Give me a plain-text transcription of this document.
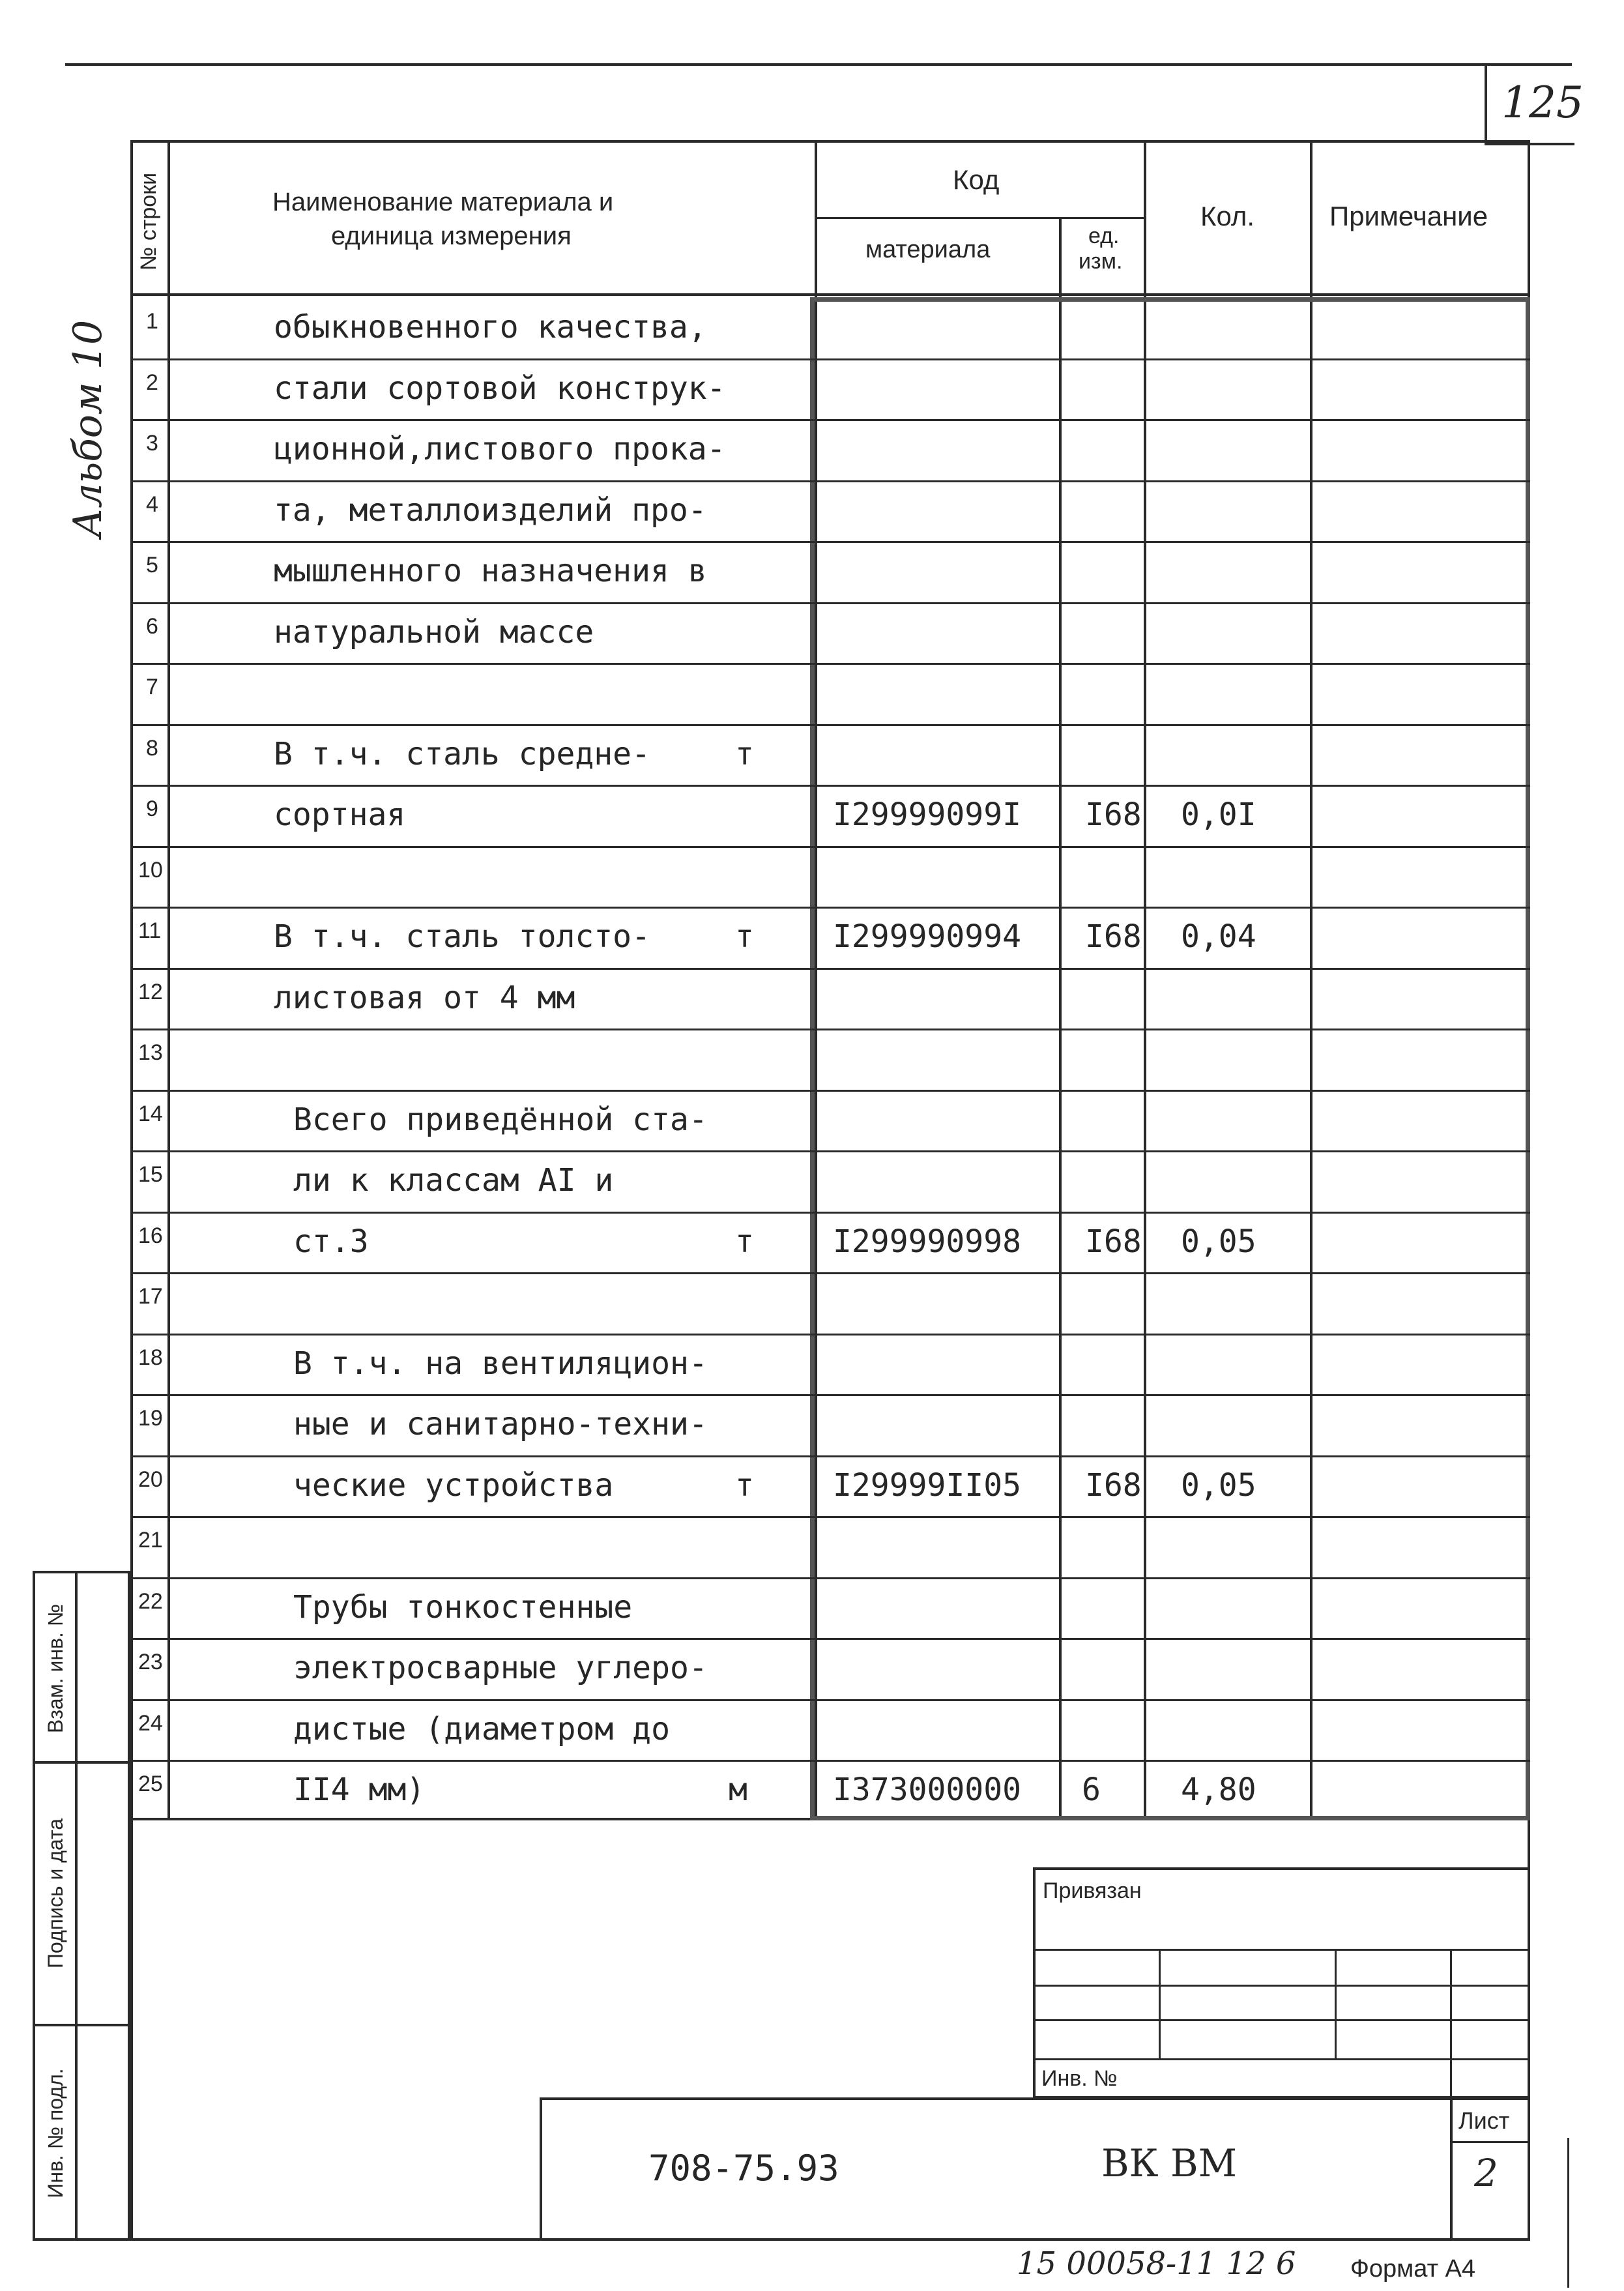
125
Альбом 10
№ строки	Наименование материала и
единица измерения
Код
материала	ед.
изм.
Кол.	Примечание
1	обыкновенного качества,
2	стали сортовой конструк-
3	ционной,листового прока-
4	та, металлоизделий про-
5	мышленного назначения в
6	натуральной массе
7
8	В т.ч. сталь средне-	т
9	сортная	I29999099I I68 0,0I
10
11	В т.ч. сталь толсто-	т	I299990994 I68 0,04
12	листовая от 4 мм
13
14	Всего приведённой ста-
15	ли к классам АI и
16	ст.3	т	I299990998 I68 0,05
17
18	В т.ч. на вентиляцион-
19	ные и санитарно-техни-
20	ческие устройства	т	I29999II05 I68 0,05
21
22	Трубы тонкостенные
23	электросварные углеро-
24	дистые (диаметром до
25	II4 мм)	м	I373000000 6	4,80
Взам. инв. №
Подпись и дата
Инв. № подл.
Привязан
Инв. №
708-75.93	ВК ВМ
Лист
2
15 00058-11 12 6 Формат А4
